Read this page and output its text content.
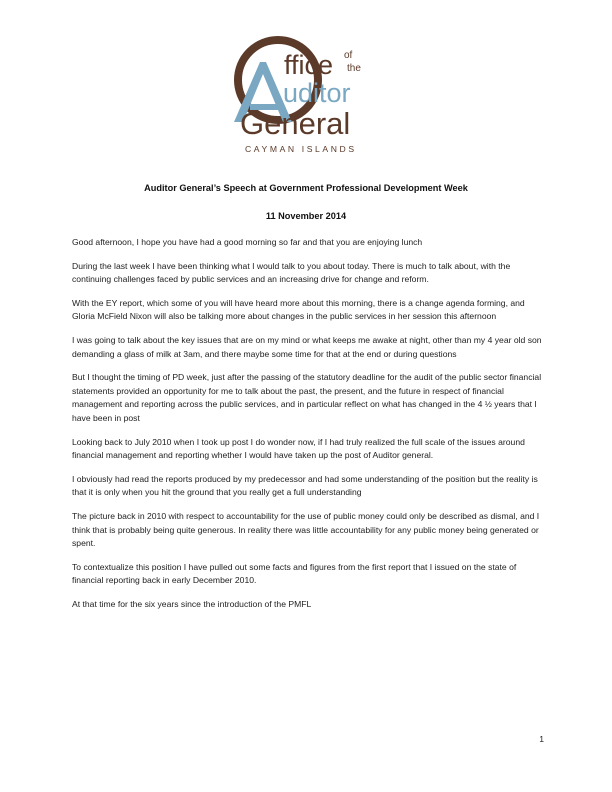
ffice of
the
uditor
General
CAYMAN ISLANDS
Auditor General’s Speech at Government Professional Development Week
11 November 2014

Good afternoon, I hope you have had a good morning so far and that you are enjoying lunch

During the last week I have been thinking what I would talk to you about today. There is much to talk about, with the continuing challenges faced by public services and an increasing drive for change and reform.

With the EY report, which some of you will have heard more about this morning, there is a change agenda forming, and Gloria McField Nixon will also be talking more about changes in the public services in her session this afternoon

I was going to talk about the key issues that are on my mind or what keeps me awake at night, other than my 4 year old son demanding a glass of milk at 3am, and there maybe some time for that at the end or during questions

But I thought the timing of PD week, just after the passing of the statutory deadline for the audit of the public sector financial statements provided an opportunity for me to talk about the past, the present, and the future in respect of financial management and reporting across the public services, and in particular reflect on what has changed in the 4 ½ years that I have been in post

Looking back to July 2010 when I took up post I do wonder now, if I had truly realized the full scale of the issues around financial management and reporting whether I would have taken up the post of Auditor general.

I obviously had read the reports produced by my predecessor and had some understanding of the position but the reality is that it is only when you hit the ground that you really get a full understanding

The picture back in 2010 with respect to accountability for the use of public money could only be described as dismal, and I think that is probably being quite generous. In reality there was little accountability for any public money being generated or spent.

To contextualize this position I have pulled out some facts and figures from the first report that I issued on the state of financial reporting back in early December 2010.

At that time for the six years since the introduction of the PMFL

1
